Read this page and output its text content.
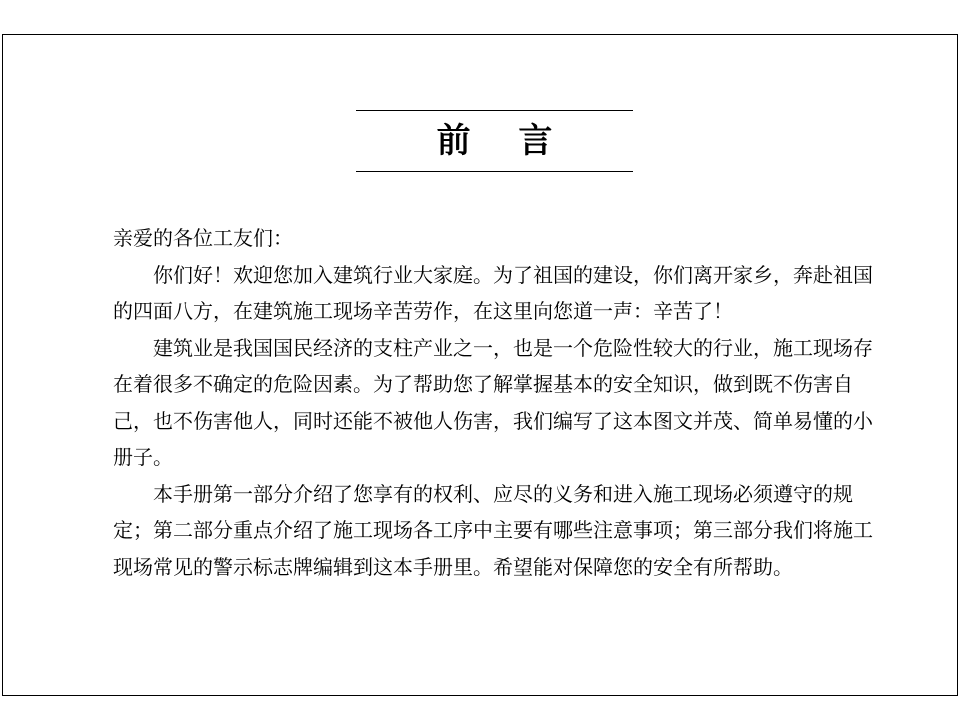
前 言

亲爱的各位工友们：

你们好！欢迎您加入建筑行业大家庭。为了祖国的建设，你们离开家乡，奔赴祖国的四面八方，在建筑施工现场辛苦劳作，在这里向您道一声：辛苦了！

建筑业是我国国民经济的支柱产业之一，也是一个危险性较大的行业，施工现场存在着很多不确定的危险因素。为了帮助您了解掌握基本的安全知识，做到既不伤害自己，也不伤害他人，同时还能不被他人伤害，我们编写了这本图文并茂、简单易懂的小册子。

本手册第一部分介绍了您享有的权利、应尽的义务和进入施工现场必须遵守的规定；第二部分重点介绍了施工现场各工序中主要有哪些注意事项；第三部分我们将施工现场常见的警示标志牌编辑到这本手册里。希望能对保障您的安全有所帮助。
